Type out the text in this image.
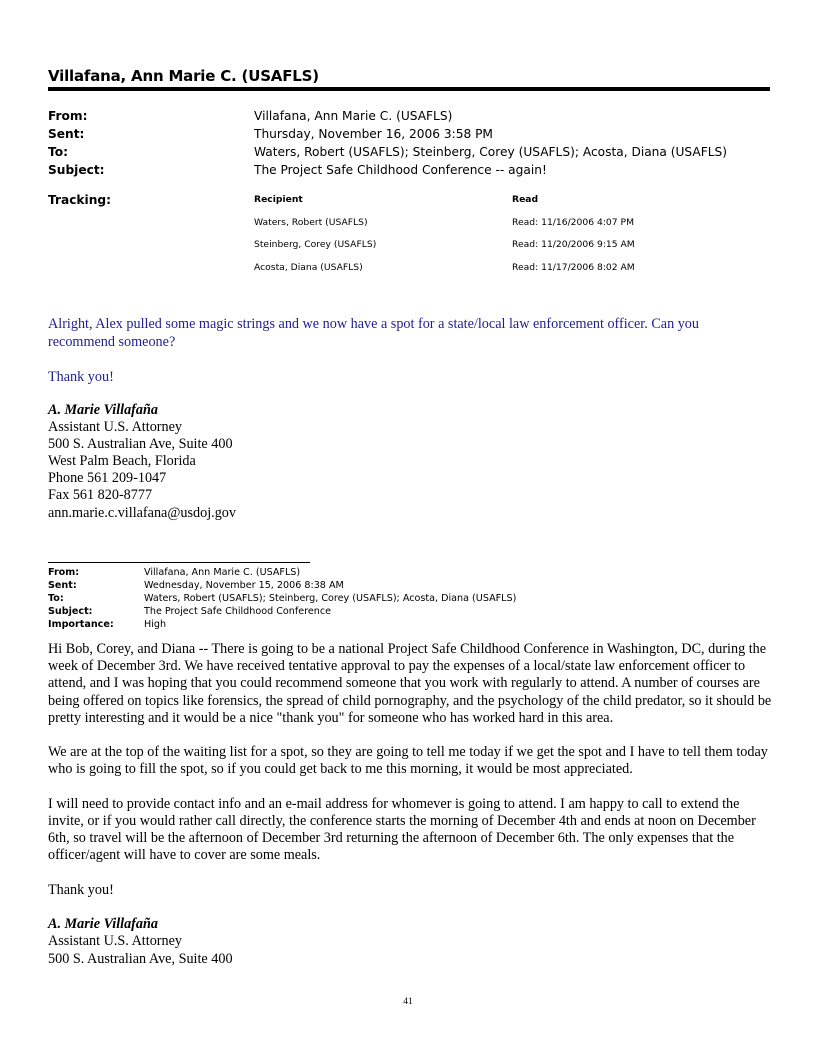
Villafana, Ann Marie C. (USAFLS)
From:	Villafana, Ann Marie C. (USAFLS)
Sent:	Thursday, November 16, 2006 3:58 PM
To:	Waters, Robert (USAFLS); Steinberg, Corey (USAFLS); Acosta, Diana (USAFLS)
Subject:	The Project Safe Childhood Conference -- again!
Tracking:	Recipient	Read
Waters, Robert (USAFLS)	Read: 11/16/2006 4:07 PM
Steinberg, Corey (USAFLS)	Read: 11/20/2006 9:15 AM
Acosta, Diana (USAFLS)	Read: 11/17/2006 8:02 AM
Alright, Alex pulled some magic strings and we now have a spot for a state/local law enforcement officer. Can you recommend someone?
Thank you!
A. Marie Villafaña
Assistant U.S. Attorney
500 S. Australian Ave, Suite 400
West Palm Beach, Florida
Phone 561 209-1047
Fax 561 820-8777
ann.marie.c.villafana@usdoj.gov
From:	Villafana, Ann Marie C. (USAFLS)
Sent:	Wednesday, November 15, 2006 8:38 AM
To:	Waters, Robert (USAFLS); Steinberg, Corey (USAFLS); Acosta, Diana (USAFLS)
Subject:	The Project Safe Childhood Conference
Importance:	High

Hi Bob, Corey, and Diana -- There is going to be a national Project Safe Childhood Conference in Washington, DC, during the week of December 3rd. We have received tentative approval to pay the expenses of a local/state law enforcement officer to attend, and I was hoping that you could recommend someone that you work with regularly to attend. A number of courses are being offered on topics like forensics, the spread of child pornography, and the psychology of the child predator, so it should be pretty interesting and it would be a nice "thank you" for someone who has worked hard in this area.

We are at the top of the waiting list for a spot, so they are going to tell me today if we get the spot and I have to tell them today who is going to fill the spot, so if you could get back to me this morning, it would be most appreciated.

I will need to provide contact info and an e-mail address for whomever is going to attend. I am happy to call to extend the invite, or if you would rather call directly, the conference starts the morning of December 4th and ends at noon on December 6th, so travel will be the afternoon of December 3rd returning the afternoon of December 6th. The only expenses that the officer/agent will have to cover are some meals.

Thank you!

A. Marie Villafaña
Assistant U.S. Attorney
500 S. Australian Ave, Suite 400
41
